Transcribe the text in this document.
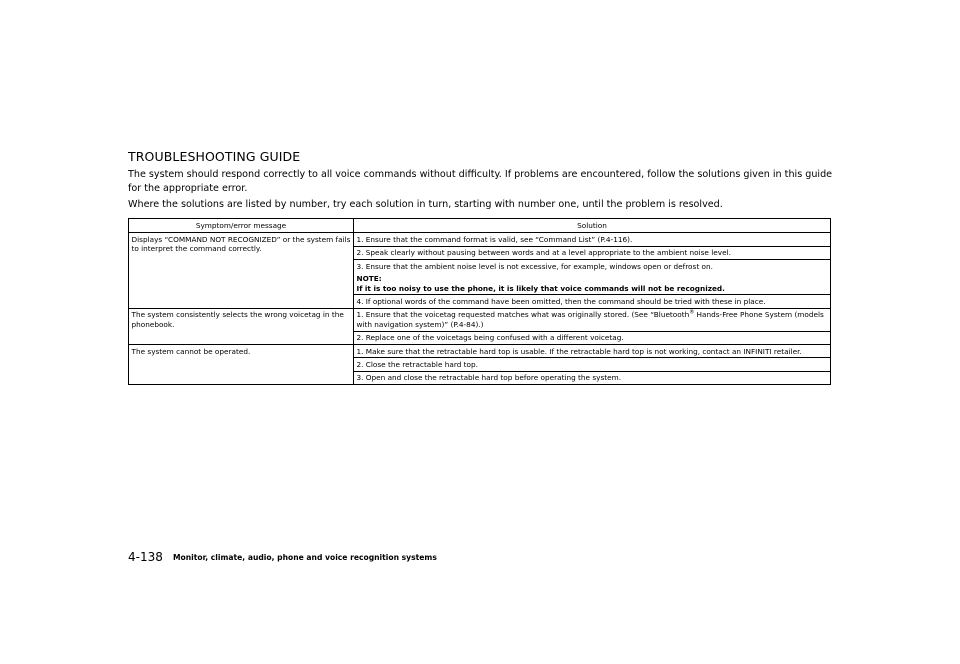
TROUBLESHOOTING GUIDE

The system should respond correctly to all voice commands without difficulty. If problems are encountered, follow the solutions given in this guide for the appropriate error.

Where the solutions are listed by number, try each solution in turn, starting with number one, until the problem is resolved.

Symptom/error message	Solution
Displays “COMMAND NOT RECOGNIZED” or the system fails to interpret the command correctly.	1. Ensure that the command format is valid, see “Command List” (P.4-116).
	2. Speak clearly without pausing between words and at a level appropriate to the ambient noise level.
	3. Ensure that the ambient noise level is not excessive, for example, windows open or defrost on.
NOTE:
If it is too noisy to use the phone, it is likely that voice commands will not be recognized.

	4. If optional words of the command have been omitted, then the command should be tried with these in place.
The system consistently selects the wrong voicetag in the phonebook.	1. Ensure that the voicetag requested matches what was originally stored. (See “Bluetooth® Hands-Free Phone System (models with navigation system)” (P.4-84).)
	2. Replace one of the voicetags being confused with a different voicetag.
The system cannot be operated.	1. Make sure that the retractable hard top is usable. If the retractable hard top is not working, contact an INFINITI retailer.
	2. Close the retractable hard top.
	3. Open and close the retractable hard top before operating the system.
4-138 Monitor, climate, audio, phone and voice recognition systems
